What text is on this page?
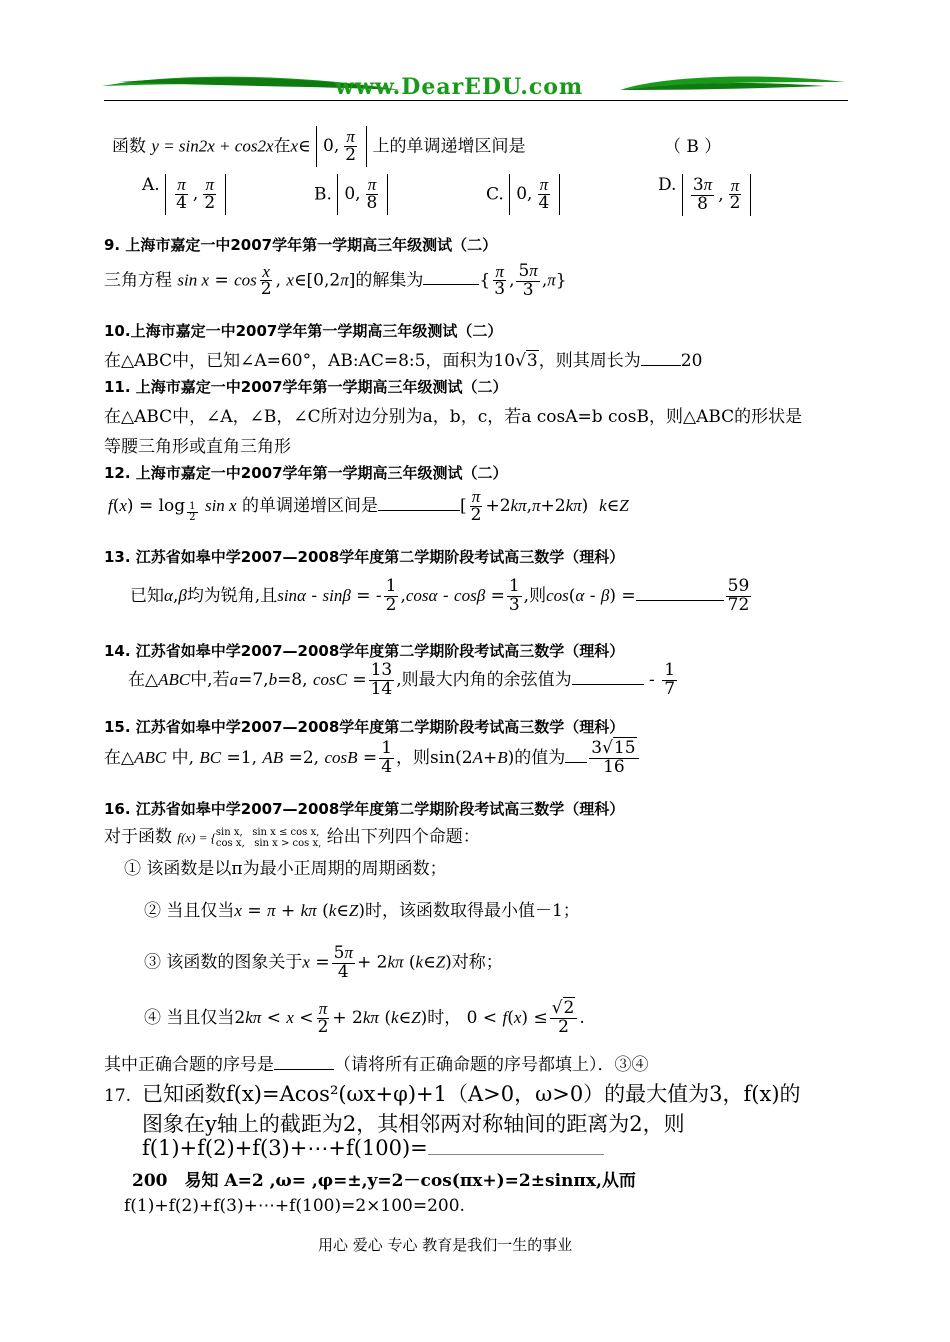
www.DearEDU.com
函数 y = sin2x + cos2x在x∈ 0, $\frac{\pi}{2}$ 上的单调递增区间是	（ B ）
A. $\frac{\pi}{4}$ , $\frac{\pi}{2}$	B. 0, $\frac{\pi}{8}$	C. 0, $\frac{\pi}{4}$	D. $\frac{3\pi}{8}$ , $\frac{\pi}{2}$
9. 上海市嘉定一中2007学年第一学期高三年级测试（二）
三角方程 $\sin x = \cos \frac{x}{2}$ , x∈[0,2π]的解集为	{ $\frac{\pi}{3}$ , $\frac{5\pi}{3} ,\pi$}
10.上海市嘉定一中2007学年第一学期高三年级测试（二）
在△ABC中，已知∠A=60°，AB:AC=8:5，面积为10√3，则其周长为 20
11. 上海市嘉定一中2007学年第一学期高三年级测试（二）
在△ABC中，∠A，∠B，∠C所对边分别为a，b，c，若a cosA=b cosB，则△ABC的形状是
等腰三角形或直角三角形
12. 上海市嘉定一中2007学年第一学期高三年级测试（二）
f(x) = log $_{\frac{1}{2}}$ sin x 的单调递增区间是	[ $\frac{\pi}{2} +2k\pi,\pi+2k\pi$)  k∈Z
13. 江苏省如皋中学2007—2008学年度第二学期阶段考试高三数学（理科）
已知α,β均为锐角,且sinα - sinβ = - $\frac{1}{2} ,\cos\alpha - \cos\beta = \frac{1}{3}$ ,则cos(α - β) =	$\frac{59}{72}$
14. 江苏省如皋中学2007—2008学年度第二学期阶段考试高三数学（理科）
在△ABC中,若a=7,b=8, $\cos C = \frac{13}{14}$ ,则最大内角的余弦值为	- $\frac{1}{7}$
15. 江苏省如皋中学2007—2008学年度第二学期阶段考试高三数学（理科）
在△ABC 中, BC =1, AB =2, $\cos B = \frac{1}{4}$ ，则sin(2A+B)的值为 $\frac{3√15}{16}$
16. 江苏省如皋中学2007—2008学年度第二学期阶段考试高三数学（理科）
对于函数 f(x) = { sin x,   sin x ≤ cos x,
cos x,   sin x > cos x, 给出下列四个命题：
① 该函数是以π为最小正周期的周期函数；
② 当且仅当x = π + kπ (k∈Z)时，该函数取得最小值－1；
③ 该函数的图象关于$x = \frac{5\pi}{4} + 2k\pi$ (k∈Z)对称；
④ 当且仅当$2k\pi < x < \frac{\pi}{2} + 2k\pi$ (k∈Z)时， $0 < f(x) \le \frac{√2}{2}$ .
其中正确合题的序号是	（请将所有正确命题的序号都填上）．③④
17. 已知函数f(x)=Acos²(ωx+φ)+1（A>0，ω>0）的最大值为3，f(x)的
图象在y轴上的截距为2，其相邻两对称轴间的距离为2，则
f(1)+f(2)+f(3)+⋯+f(100)=
200　易知 A=2 ,ω= ,φ=±,y=2－cos(πx+)=2±sinπx,从而
f(1)+f(2)+f(3)+⋯+f(100)=2×100=200.
用心 爱心 专心 教育是我们一生的事业
